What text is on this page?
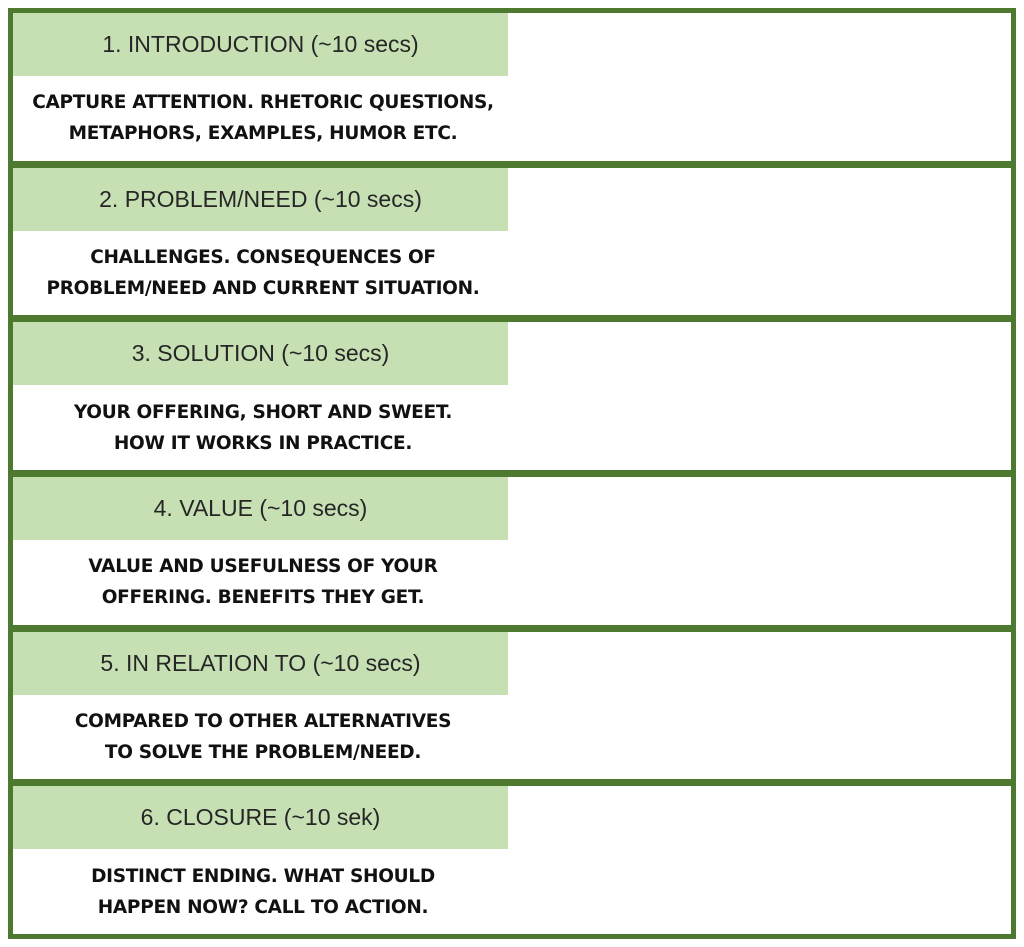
1. INTRODUCTION (~10 secs)
CAPTURE ATTENTION. RHETORIC QUESTIONS,
METAPHORS, EXAMPLES, HUMOR ETC.
2. PROBLEM/NEED (~10 secs)
CHALLENGES. CONSEQUENCES OF
PROBLEM/NEED AND CURRENT SITUATION.
3. SOLUTION (~10 secs)
YOUR OFFERING, SHORT AND SWEET.
HOW IT WORKS IN PRACTICE.
4. VALUE (~10 secs)
VALUE AND USEFULNESS OF YOUR
OFFERING. BENEFITS THEY GET.
5. IN RELATION TO (~10 secs)
COMPARED TO OTHER ALTERNATIVES
TO SOLVE THE PROBLEM/NEED.
6. CLOSURE (~10 sek)
DISTINCT ENDING. WHAT SHOULD
HAPPEN NOW? CALL TO ACTION.
